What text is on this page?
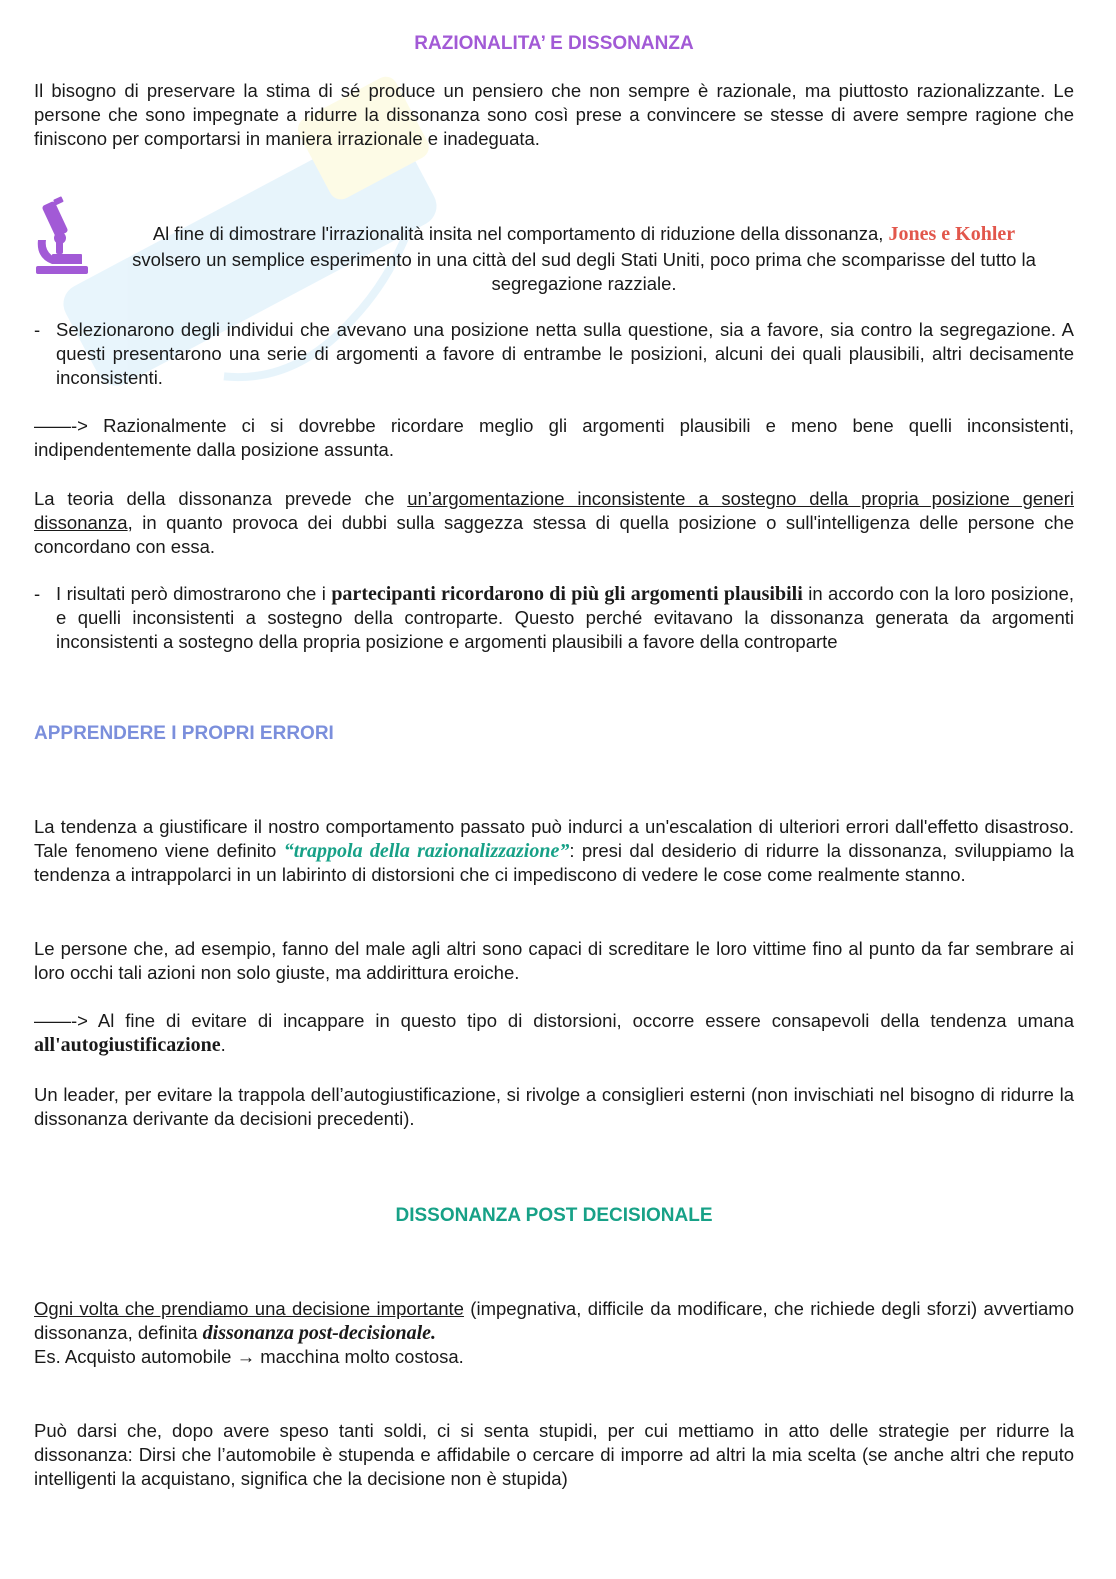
RAZIONALITA’ E DISSONANZA

Il bisogno di preservare la stima di sé produce un pensiero che non sempre è razionale, ma piuttosto razionalizzante. Le persone che sono impegnate a ridurre la dissonanza sono così prese a convincere se stesse di avere sempre ragione che finiscono per comportarsi in maniera irrazionale e inadeguata.

Al fine di dimostrare l'irrazionalità insita nel comportamento di riduzione della dissonanza, Jones e Kohler

svolsero un semplice esperimento in una città del sud degli Stati Uniti, poco prima che scomparisse del tutto la segregazione razziale.

- Selezionarono degli individui che avevano una posizione netta sulla questione, sia a favore, sia contro la segregazione. A questi presentarono una serie di argomenti a favore di entrambe le posizioni, alcuni dei quali plausibili, altri decisamente inconsistenti.

——-> Razionalmente ci si dovrebbe ricordare meglio gli argomenti plausibili e meno bene quelli inconsistenti, indipendentemente dalla posizione assunta.

La teoria della dissonanza prevede che un’argomentazione inconsistente a sostegno della propria posizione generi dissonanza, in quanto provoca dei dubbi sulla saggezza stessa di quella posizione o sull'intelligenza delle persone che concordano con essa.

- I risultati però dimostrarono che i partecipanti ricordarono di più gli argomenti plausibili in accordo con la loro posizione, e quelli inconsistenti a sostegno della controparte. Questo perché evitavano la dissonanza generata da argomenti inconsistenti a sostegno della propria posizione e argomenti plausibili a favore della controparte

APPRENDERE I PROPRI ERRORI

La tendenza a giustificare il nostro comportamento passato può indurci a un'escalation di ulteriori errori dall'effetto disastroso. Tale fenomeno viene definito “trappola della razionalizzazione”: presi dal desiderio di ridurre la dissonanza, sviluppiamo la tendenza a intrappolarci in un labirinto di distorsioni che ci impediscono di vedere le cose come realmente stanno.

Le persone che, ad esempio, fanno del male agli altri sono capaci di screditare le loro vittime fino al punto da far sembrare ai loro occhi tali azioni non solo giuste, ma addirittura eroiche.

——-> Al fine di evitare di incappare in questo tipo di distorsioni, occorre essere consapevoli della tendenza umana all'autogiustificazione.

Un leader, per evitare la trappola dell’autogiustificazione, si rivolge a consiglieri esterni (non invischiati nel bisogno di ridurre la dissonanza derivante da decisioni precedenti).

DISSONANZA POST DECISIONALE

Ogni volta che prendiamo una decisione importante (impegnativa, difficile da modificare, che richiede degli sforzi) avvertiamo dissonanza, definita dissonanza post-decisionale.

Es. Acquisto automobile → macchina molto costosa.

Può darsi che, dopo avere speso tanti soldi, ci si senta stupidi, per cui mettiamo in atto delle strategie per ridurre la dissonanza: Dirsi che l’automobile è stupenda e affidabile o cercare di imporre ad altri la mia scelta (se anche altri che reputo intelligenti la acquistano, significa che la decisione non è stupida)
